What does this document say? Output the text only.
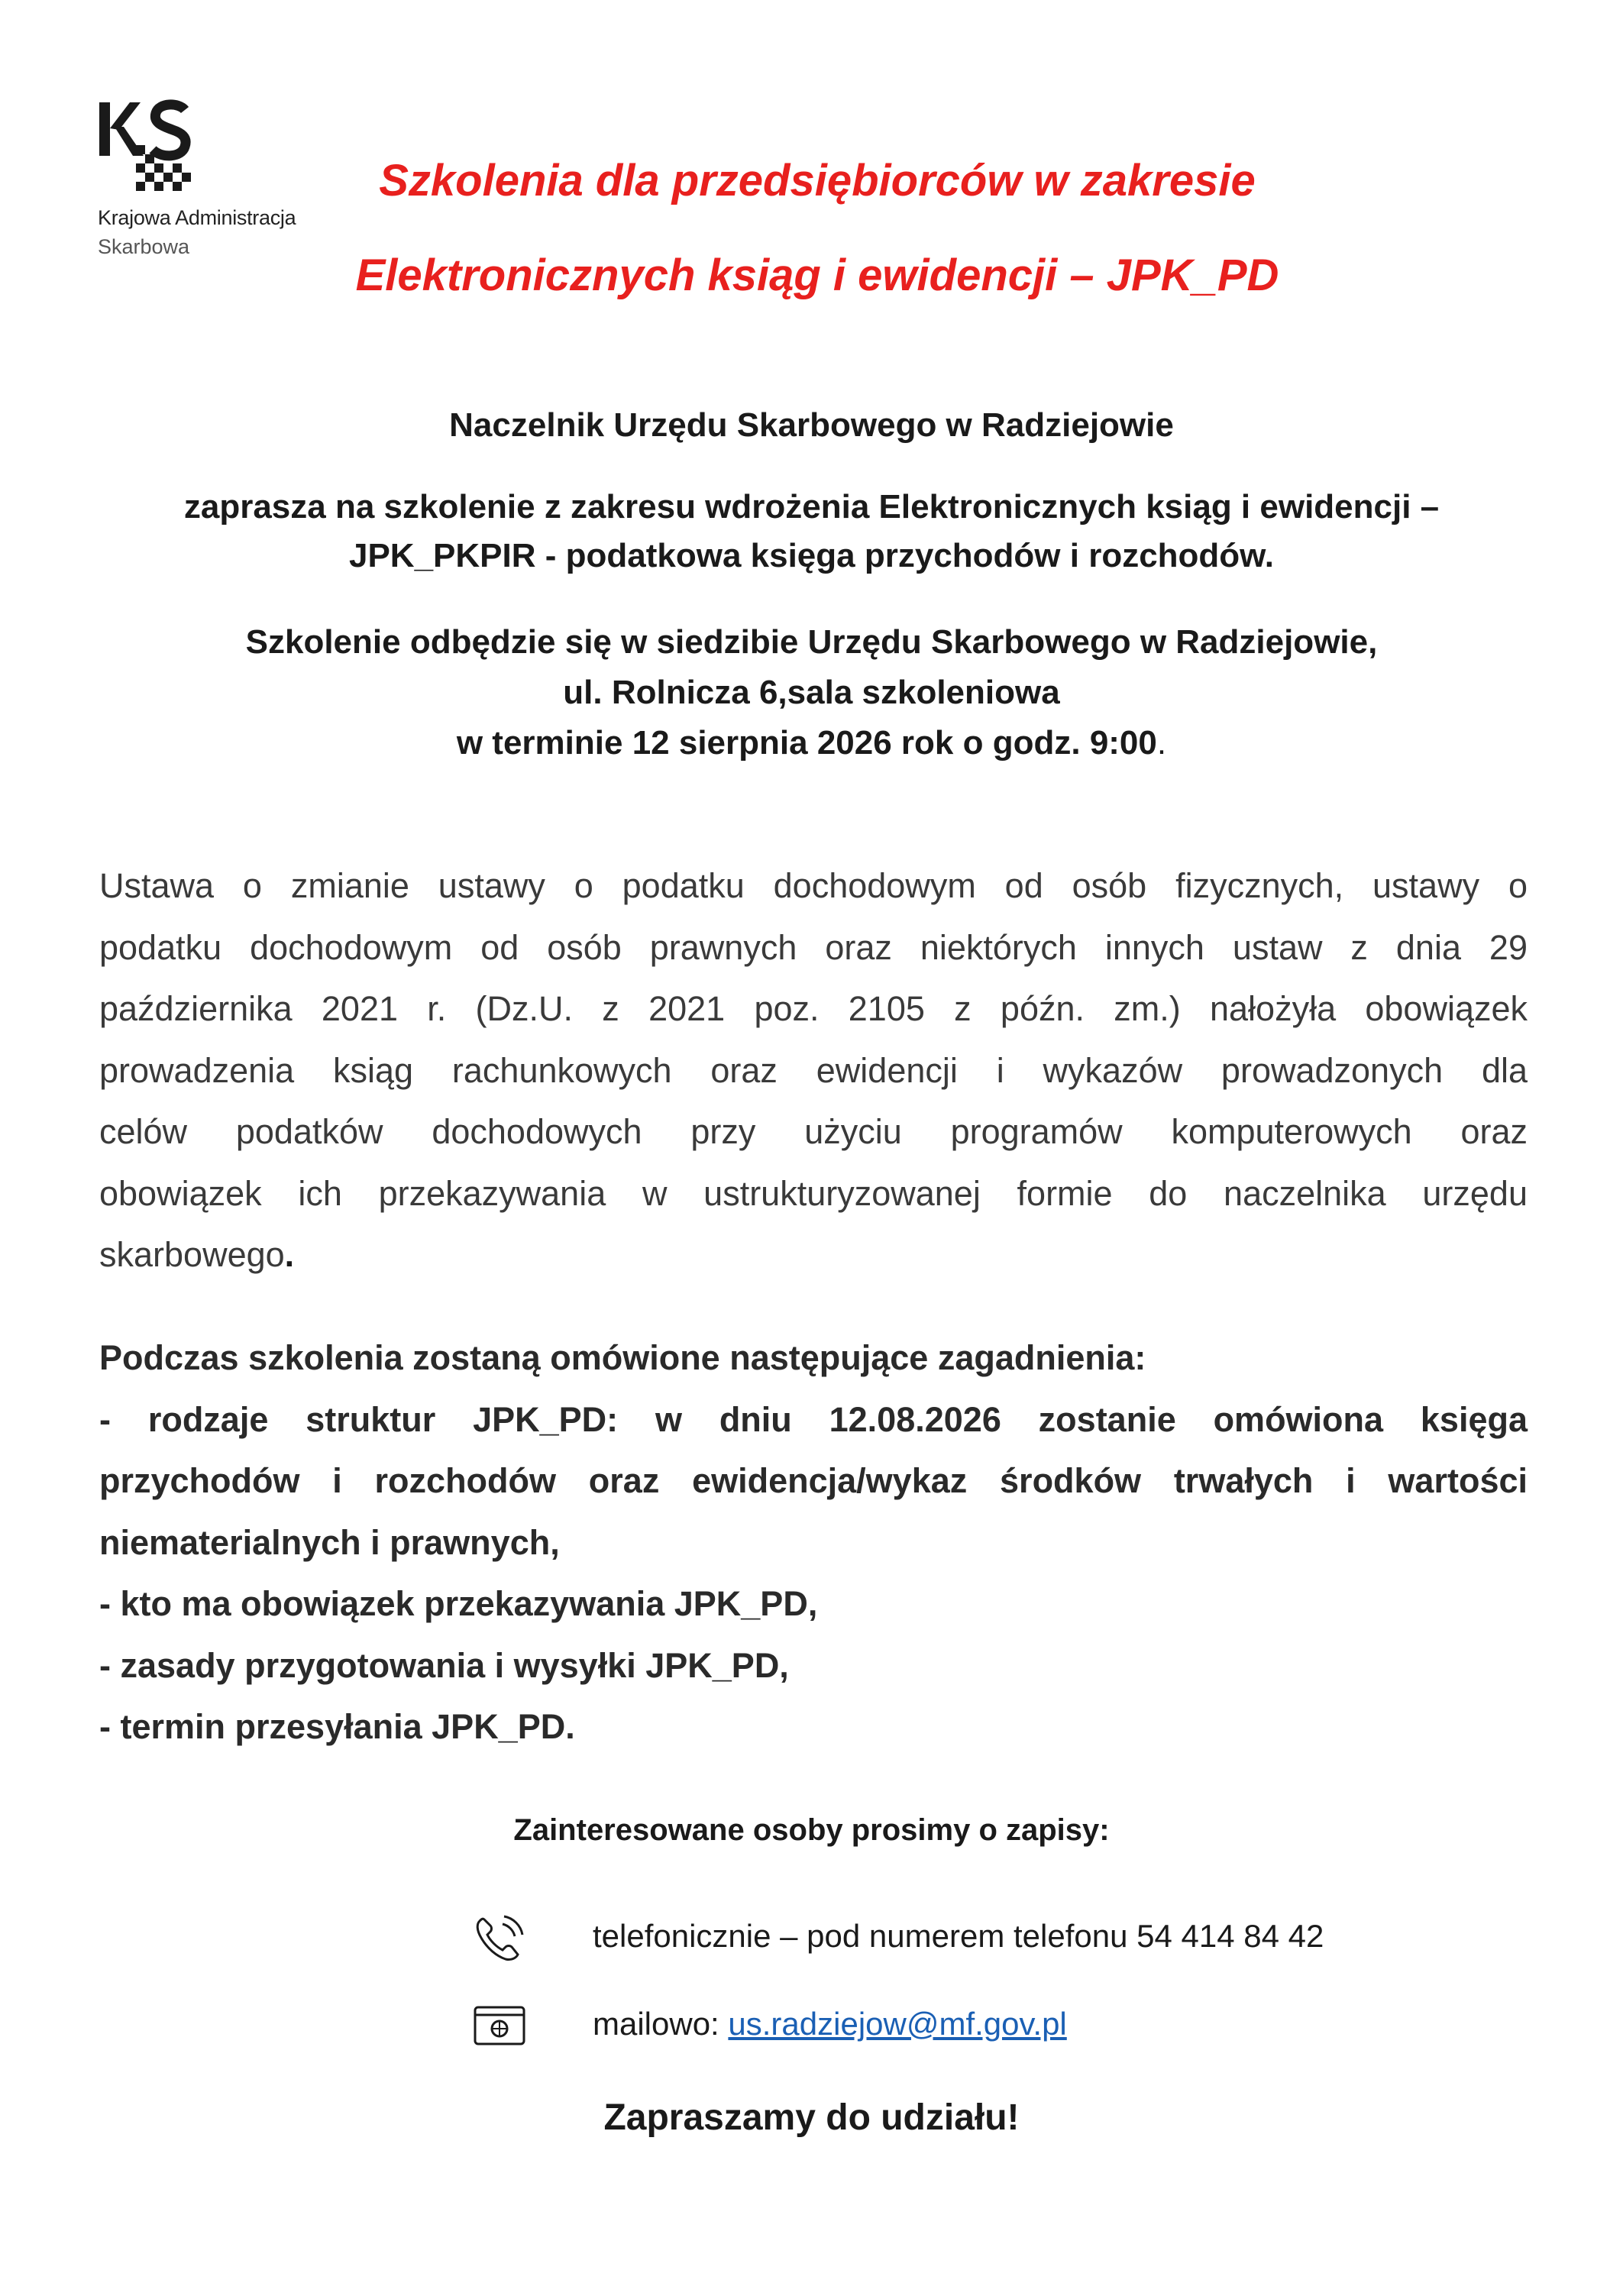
Krajowa Administracja
Skarbowa
Szkolenia dla przedsiębiorców w zakresie
Elektronicznych ksiąg i ewidencji – JPK_PD
Naczelnik Urzędu Skarbowego w Radziejowie
zaprasza na szkolenie z zakresu wdrożenia Elektronicznych ksiąg i ewidencji –
JPK_PKPIR - podatkowa księga przychodów i rozchodów.
Szkolenie odbędzie się w siedzibie Urzędu Skarbowego w Radziejowie,
ul. Rolnicza 6,sala szkoleniowa
w terminie 12 sierpnia 2026 rok o godz. 9:00.
Ustawa o zmianie ustawy o podatku dochodowym od osób fizycznych, ustawy o
podatku dochodowym od osób prawnych oraz niektórych innych ustaw z dnia 29
października 2021 r. (Dz.U. z 2021 poz. 2105 z późn. zm.) nałożyła obowiązek
prowadzenia ksiąg rachunkowych oraz ewidencji i wykazów prowadzonych dla
celów podatków dochodowych przy użyciu programów komputerowych oraz
obowiązek ich przekazywania w ustrukturyzowanej formie do naczelnika urzędu
skarbowego.
Podczas szkolenia zostaną omówione następujące zagadnienia:
- rodzaje struktur JPK_PD: w dniu 12.08.2026 zostanie omówiona księga
przychodów i rozchodów oraz ewidencja/wykaz środków trwałych i wartości
niematerialnych i prawnych,
- kto ma obowiązek przekazywania JPK_PD,
- zasady przygotowania i wysyłki JPK_PD,
- termin przesyłania JPK_PD.
Zainteresowane osoby prosimy o zapisy:
telefonicznie – pod numerem telefonu 54 414 84 42
mailowo: us.radziejow@mf.gov.pl
Zapraszamy do udziału!
